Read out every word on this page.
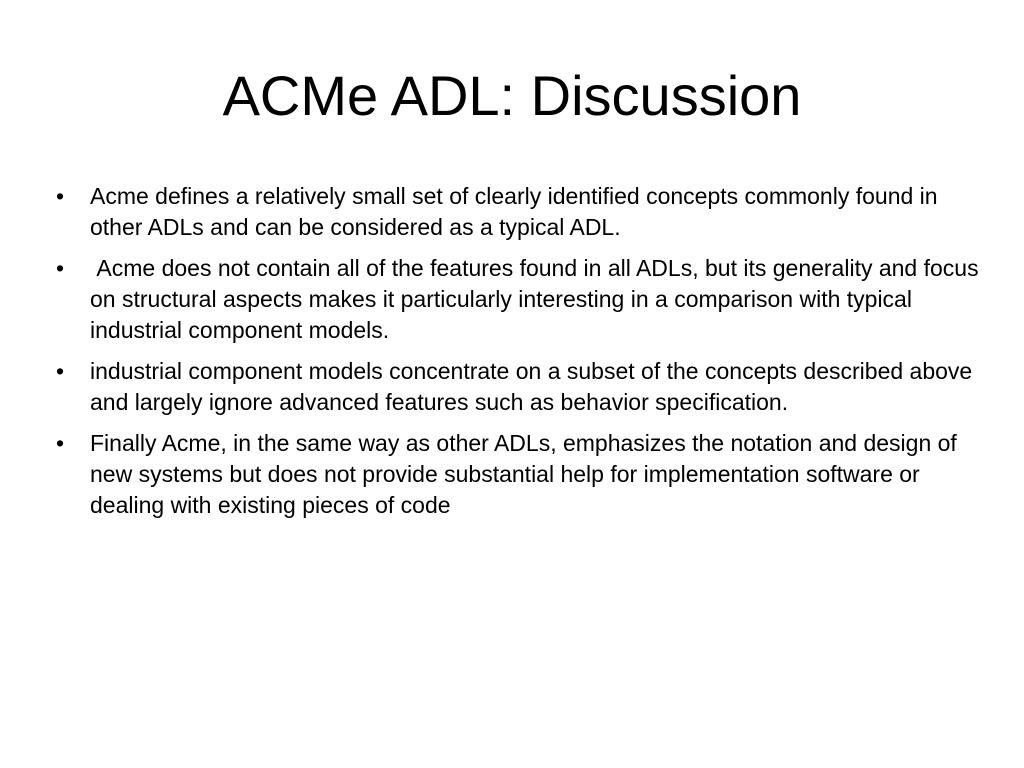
ACMe ADL: Discussion
• Acme defines a relatively small set of clearly identified concepts commonly found in other ADLs and can be considered as a typical ADL.
• Acme does not contain all of the features found in all ADLs, but its generality and focus on structural aspects makes it particularly interesting in a comparison with typical industrial component models.
• industrial component models concentrate on a subset of the concepts described above and largely ignore advanced features such as behavior specification.
• Finally Acme, in the same way as other ADLs, emphasizes the notation and design of new systems but does not provide substantial help for implementation software or dealing with existing pieces of code
